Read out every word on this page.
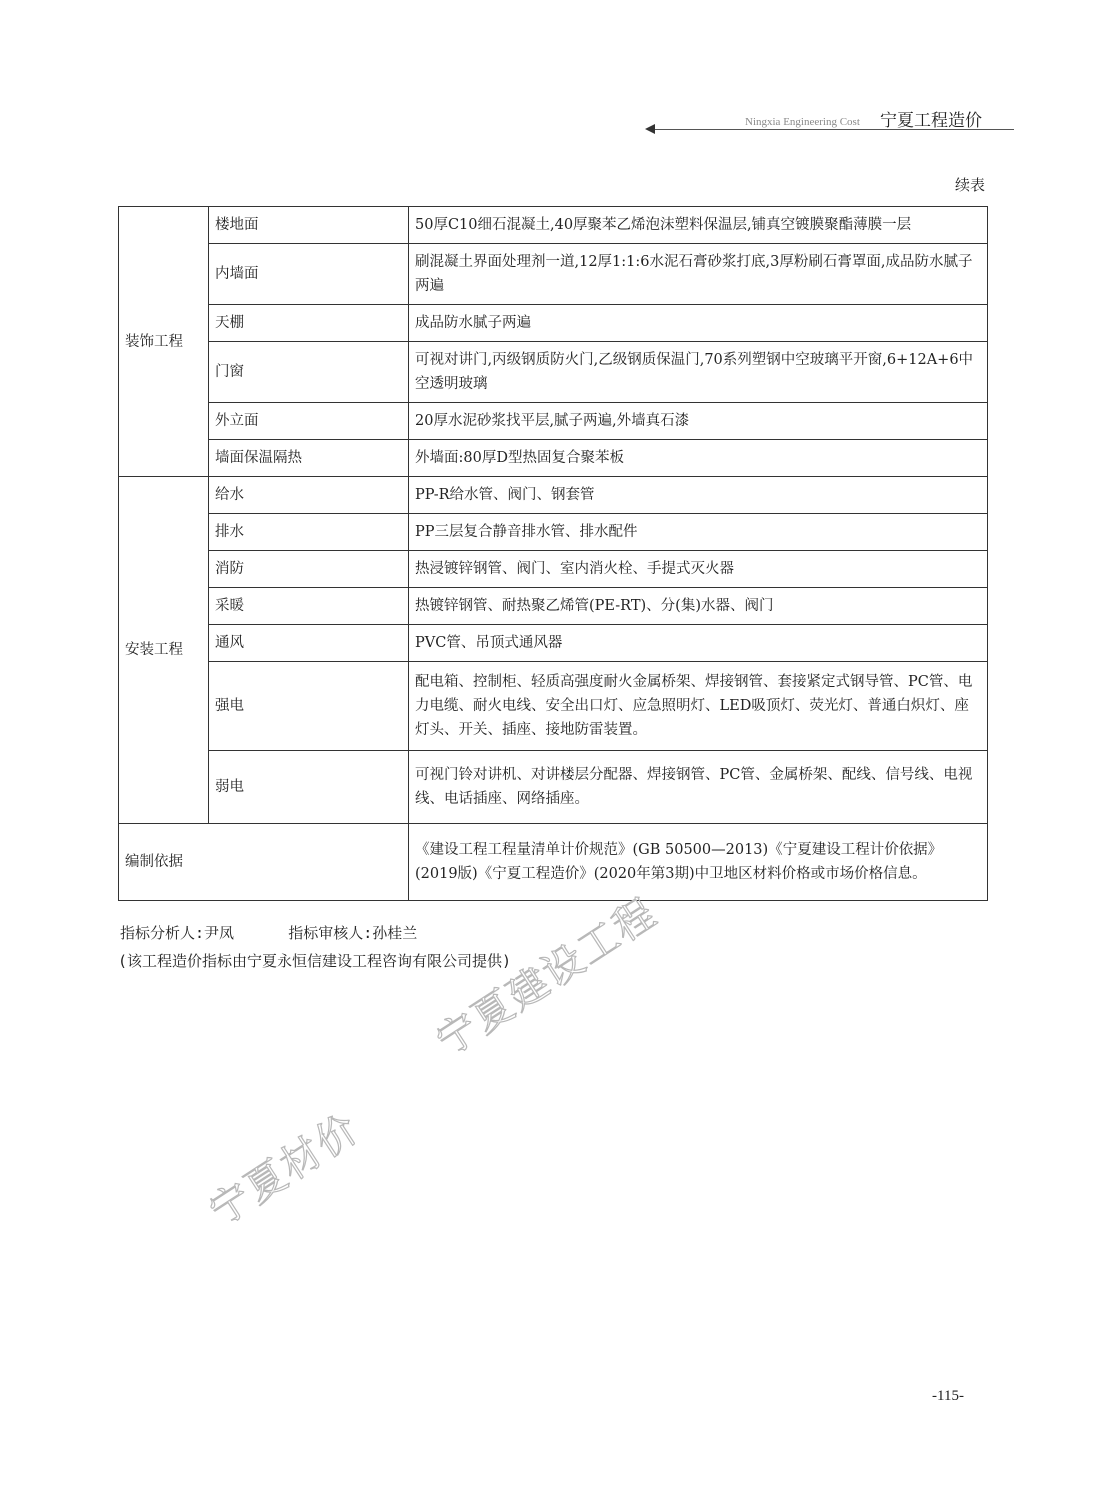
Ningxia Engineering Cost 宁夏工程造价
续表
装饰工程	楼地面	50厚C10细石混凝土,40厚聚苯乙烯泡沫塑料保温层,铺真空镀膜聚酯薄膜一层
	内墙面	刷混凝土界面处理剂一道,12厚1:1:6水泥石膏砂浆打底,3厚粉刷石膏罩面,成品防水腻子两遍
	天棚	成品防水腻子两遍
	门窗	可视对讲门,丙级钢质防火门,乙级钢质保温门,70系列塑钢中空玻璃平开窗,6+12A+6中空透明玻璃
	外立面	20厚水泥砂浆找平层,腻子两遍,外墙真石漆
	墙面保温隔热	外墙面:80厚D型热固复合聚苯板
安装工程	给水	PP-R给水管、阀门、钢套管
	排水	PP三层复合静音排水管、排水配件
	消防	热浸镀锌钢管、阀门、室内消火栓、手提式灭火器
	采暖	热镀锌钢管、耐热聚乙烯管(PE-RT)、分(集)水器、阀门
	通风	PVC管、吊顶式通风器
	强电	配电箱、控制柜、轻质高强度耐火金属桥架、焊接钢管、套接紧定式钢导管、PC管、电力电缆、耐火电线、安全出口灯、应急照明灯、LED吸顶灯、荧光灯、普通白炽灯、座灯头、开关、插座、接地防雷装置。
	弱电	可视门铃对讲机、对讲楼层分配器、焊接钢管、PC管、金属桥架、配线、信号线、电视线、电话插座、网络插座。
编制依据		《建设工程工程量清单计价规范》(GB 50500—2013)《宁夏建设工程计价依据》(2019版)《宁夏工程造价》(2020年第3期)中卫地区材料价格或市场价格信息。
指标分析人:尹凤	指标审核人:孙桂兰
(该工程造价指标由宁夏永恒信建设工程咨询有限公司提供)
宁夏建设工程
宁夏材价
-115-
